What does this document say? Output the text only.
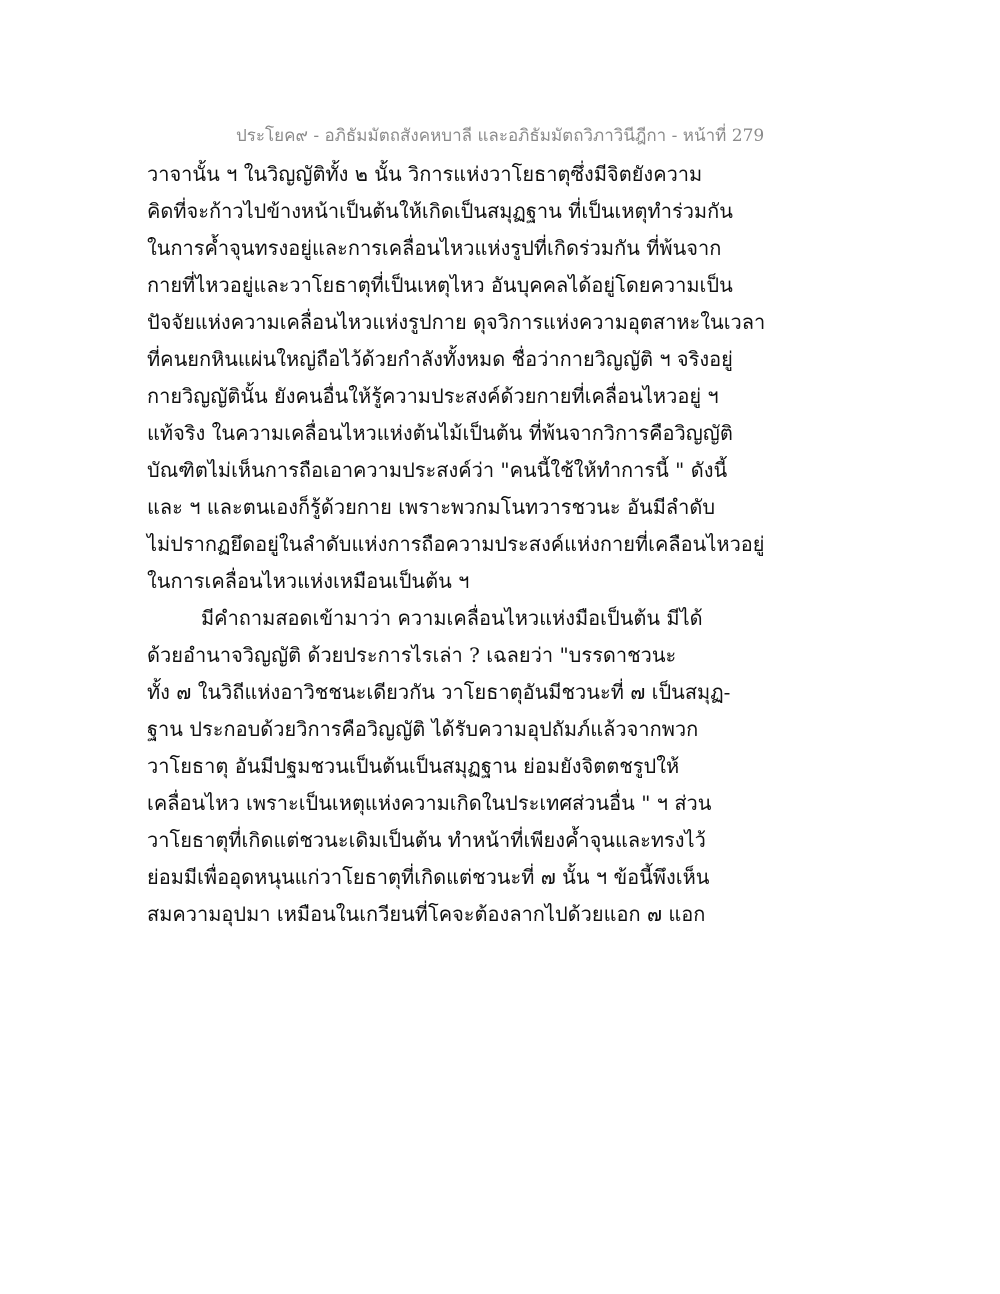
ประโยค๙ - อภิธัมมัตถสังคหบาลี และอภิธัมมัตถวิภาวินีฎีกา - หน้าที่ 279
วาจานั้น ฯ ในวิญญัติทั้ง ๒ นั้น วิการแห่งวาโยธาตุซึ่งมีจิตยังความ
คิดที่จะก้าวไปข้างหน้าเป็นต้นให้เกิดเป็นสมุฏฐาน ที่เป็นเหตุทำร่วมกัน
ในการค้ำจุนทรงอยู่และการเคลื่อนไหวแห่งรูปที่เกิดร่วมกัน ที่พ้นจาก
กายที่ไหวอยู่และวาโยธาตุที่เป็นเหตุไหว อันบุคคลได้อยู่โดยความเป็น
ปัจจัยแห่งความเคลื่อนไหวแห่งรูปกาย ดุจวิการแห่งความอุตสาหะในเวลา
ที่คนยกหินแผ่นใหญ่ถือไว้ด้วยกำลังทั้งหมด ชื่อว่ากายวิญญัติ ฯ จริงอยู่
กายวิญญัตินั้น ยังคนอื่นให้รู้ความประสงค์ด้วยกายที่เคลื่อนไหวอยู่ ฯ
แท้จริง ในความเคลื่อนไหวแห่งต้นไม้เป็นต้น ที่พ้นจากวิการคือวิญญัติ
บัณฑิตไม่เห็นการถือเอาความประสงค์ว่า "คนนี้ใช้ให้ทำการนี้ " ดังนี้
และ ฯ และตนเองก็รู้ด้วยกาย เพราะพวกมโนทวารชวนะ อันมีลำดับ
ไม่ปรากฏยึดอยู่ในลำดับแห่งการถือความประสงค์แห่งกายที่เคลือนไหวอยู่
ในการเคลื่อนไหวแห่งเหมือนเป็นต้น ฯ
มีคำถามสอดเข้ามาว่า ความเคลื่อนไหวแห่งมือเป็นต้น มีได้
ด้วยอำนาจวิญญัติ ด้วยประการไรเล่า ? เฉลยว่า "บรรดาชวนะ
ทั้ง ๗ ในวิถีแห่งอาวิชชนะเดียวกัน วาโยธาตุอันมีชวนะที่ ๗ เป็นสมุฏ-
ฐาน ประกอบด้วยวิการคือวิญญัติ ได้รับความอุปถัมภ์แล้วจากพวก
วาโยธาตุ อันมีปฐมชวนเป็นต้นเป็นสมุฏฐาน ย่อมยังจิตตชรูปให้
เคลื่อนไหว เพราะเป็นเหตุแห่งความเกิดในประเทศส่วนอื่น " ฯ ส่วน
วาโยธาตุที่เกิดแต่ชวนะเดิมเป็นต้น ทำหน้าที่เพียงค้ำจุนและทรงไว้
ย่อมมีเพื่ออุดหนุนแก่วาโยธาตุที่เกิดแต่ชวนะที่ ๗ นั้น ฯ ข้อนี้พึงเห็น
สมความอุปมา เหมือนในเกวียนที่โคจะต้องลากไปด้วยแอก ๗ แอก
